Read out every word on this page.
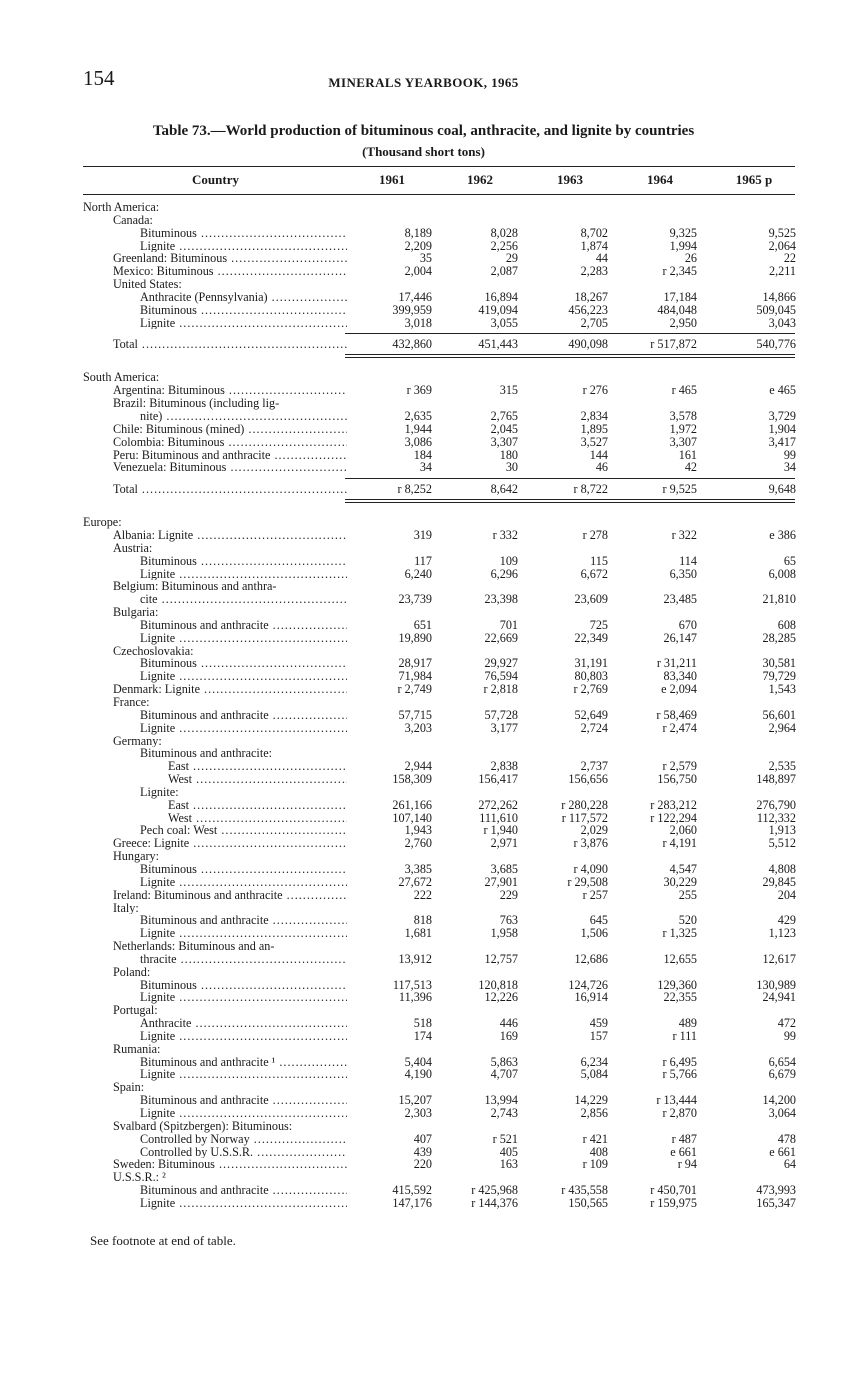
154	MINERALS YEARBOOK, 1965
Table 73.—World production of bituminous coal, anthracite, and lignite by countries
(Thousand short tons)
Country	1961	1962	1963	1964	1965 p
North America:
Canada:
Bituminous .....	8,189	8,028	8,702	9,325	9,525
Lignite .....	2,209	2,256	1,874	1,994	2,064
Greenland: Bituminous .....	35	29	44	26	22
Mexico: Bituminous .....	2,004	2,087	2,283	r 2,345	2,211
United States:
Anthracite (Pennsylvania) .....	17,446	16,894	18,267	17,184	14,866
Bituminous .....	399,959	419,094	456,223	484,048	509,045
Lignite .....	3,018	3,055	2,705	2,950	3,043
Total .....	432,860	451,443	490,098	r 517,872	540,776
South America:
Argentina: Bituminous .....	r 369	315	r 276	r 465	e 465
Brazil: Bituminous (including lig-
nite) .....	2,635	2,765	2,834	3,578	3,729
Chile: Bituminous (mined) .....	1,944	2,045	1,895	1,972	1,904
Colombia: Bituminous .....	3,086	3,307	3,527	3,307	3,417
Peru: Bituminous and anthracite .....	184	180	144	161	99
Venezuela: Bituminous .....	34	30	46	42	34
Total .....	r 8,252	8,642	r 8,722	r 9,525	9,648
Europe:
Albania: Lignite .....	319	r 332	r 278	r 322	e 386
Austria:
Bituminous .....	117	109	115	114	65
Lignite .....	6,240	6,296	6,672	6,350	6,008
Belgium: Bituminous and anthra-
cite .....	23,739	23,398	23,609	23,485	21,810
Bulgaria:
Bituminous and anthracite .....	651	701	725	670	608
Lignite .....	19,890	22,669	22,349	26,147	28,285
Czechoslovakia:
Bituminous .....	28,917	29,927	31,191	r 31,211	30,581
Lignite .....	71,984	76,594	80,803	83,340	79,729
Denmark: Lignite .....	r 2,749	r 2,818	r 2,769	e 2,094	1,543
France:
Bituminous and anthracite .....	57,715	57,728	52,649	r 58,469	56,601
Lignite .....	3,203	3,177	2,724	r 2,474	2,964
Germany:
Bituminous and anthracite:
East .....	2,944	2,838	2,737	r 2,579	2,535
West .....	158,309	156,417	156,656	156,750	148,897
Lignite:
East .....	261,166	272,262	r 280,228	r 283,212	276,790
West .....	107,140	111,610	r 117,572	r 122,294	112,332
Pech coal: West .....	1,943	r 1,940	2,029	2,060	1,913
Greece: Lignite .....	2,760	2,971	r 3,876	r 4,191	5,512
Hungary:
Bituminous .....	3,385	3,685	r 4,090	4,547	4,808
Lignite .....	27,672	27,901	r 29,508	30,229	29,845
Ireland: Bituminous and anthracite .....	222	229	r 257	255	204
Italy:
Bituminous and anthracite .....	818	763	645	520	429
Lignite .....	1,681	1,958	1,506	r 1,325	1,123
Netherlands: Bituminous and an-
thracite .....	13,912	12,757	12,686	12,655	12,617
Poland:
Bituminous .....	117,513	120,818	124,726	129,360	130,989
Lignite .....	11,396	12,226	16,914	22,355	24,941
Portugal:
Anthracite .....	518	446	459	489	472
Lignite .....	174	169	157	r 111	99
Rumania:
Bituminous and anthracite ¹ .....	5,404	5,863	6,234	r 6,495	6,654
Lignite .....	4,190	4,707	5,084	r 5,766	6,679
Spain:
Bituminous and anthracite .....	15,207	13,994	14,229	r 13,444	14,200
Lignite .....	2,303	2,743	2,856	r 2,870	3,064
Svalbard (Spitzbergen): Bituminous:
Controlled by Norway .....	407	r 521	r 421	r 487	478
Controlled by U.S.S.R. .....	439	405	408	e 661	e 661
Sweden: Bituminous .....	220	163	r 109	r 94	64
U.S.S.R.: ²
Bituminous and anthracite .....	415,592	r 425,968	r 435,558	r 450,701	473,993
Lignite .....	147,176	r 144,376	150,565	r 159,975	165,347
See footnote at end of table.
